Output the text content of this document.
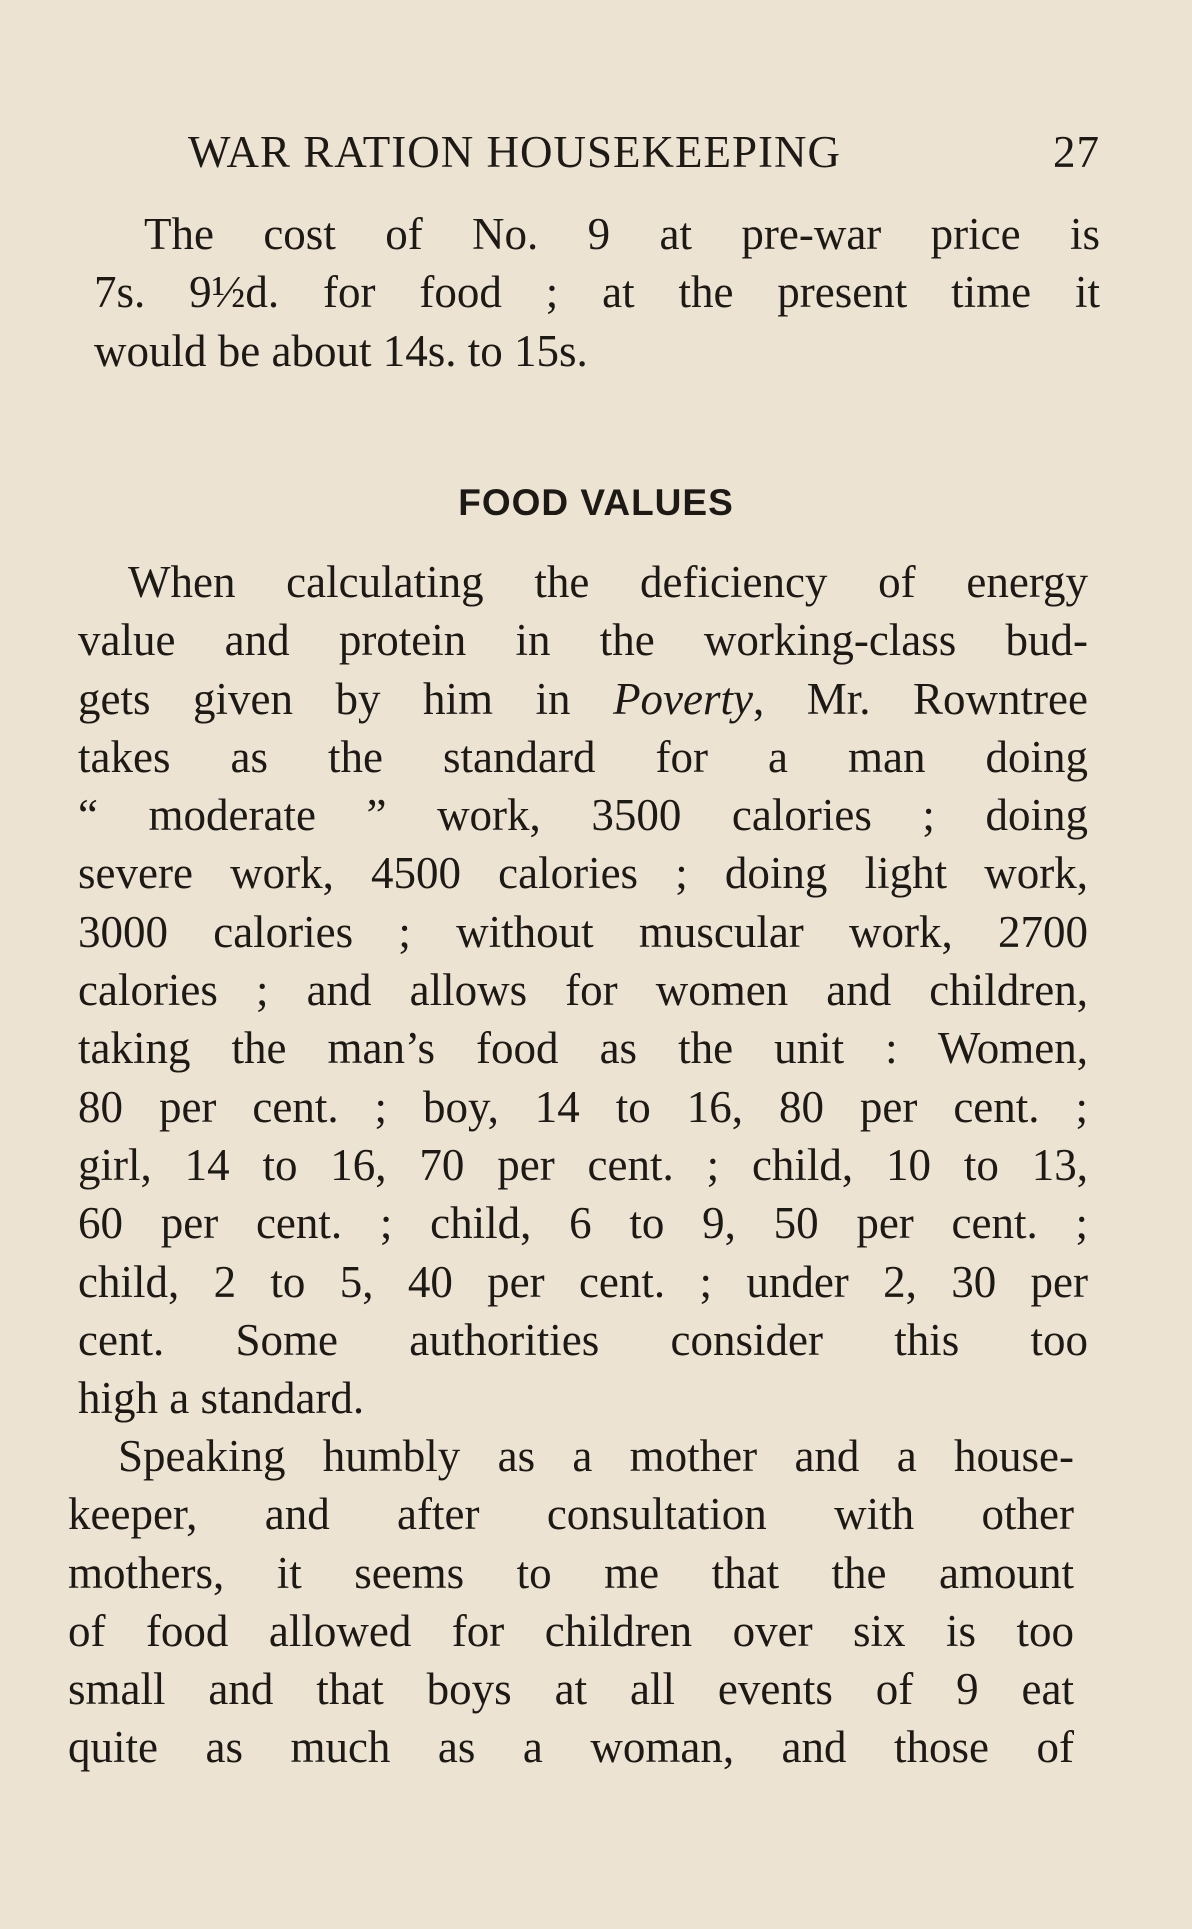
WAR RATION HOUSEKEEPING	27
The cost of No. 9 at pre-war price is
7s. 9½d. for food ; at the present time it
would be about 14s. to 15s.
FOOD VALUES
When calculating the deficiency of energy
value and protein in the working-class bud-
gets given by him in Poverty, Mr. Rowntree
takes as the standard for a man doing
“ moderate ” work, 3500 calories ; doing
severe work, 4500 calories ; doing light work,
3000 calories ; without muscular work, 2700
calories ; and allows for women and children,
taking the man’s food as the unit : Women,
80 per cent. ; boy, 14 to 16, 80 per cent. ;
girl, 14 to 16, 70 per cent. ; child, 10 to 13,
60 per cent. ; child, 6 to 9, 50 per cent. ;
child, 2 to 5, 40 per cent. ; under 2, 30 per
cent. Some authorities consider this too
high a standard.
Speaking humbly as a mother and a house-
keeper, and after consultation with other
mothers, it seems to me that the amount
of food allowed for children over six is too
small and that boys at all events of 9 eat
quite as much as a woman, and those of
